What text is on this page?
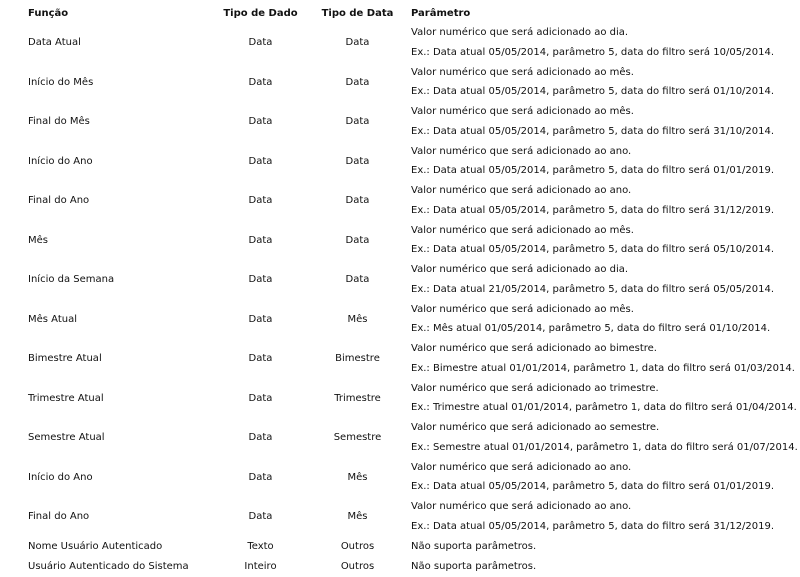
Função	Tipo de Dado	Tipo de Data	Parâmetro
Data Atual	Data	Data	Valor numérico que será adicionado ao dia.
Ex.: Data atual 05/05/2014, parâmetro 5, data do filtro será 10/05/2014.

Início do Mês	Data	Data	Valor numérico que será adicionado ao mês.
Ex.: Data atual 05/05/2014, parâmetro 5, data do filtro será 01/10/2014.

Final do Mês	Data	Data	Valor numérico que será adicionado ao mês.
Ex.: Data atual 05/05/2014, parâmetro 5, data do filtro será 31/10/2014.

Início do Ano	Data	Data	Valor numérico que será adicionado ao ano.
Ex.: Data atual 05/05/2014, parâmetro 5, data do filtro será 01/01/2019.

Final do Ano	Data	Data	Valor numérico que será adicionado ao ano.
Ex.: Data atual 05/05/2014, parâmetro 5, data do filtro será 31/12/2019.

Mês	Data	Data	Valor numérico que será adicionado ao mês.
Ex.: Data atual 05/05/2014, parâmetro 5, data do filtro será 05/10/2014.

Início da Semana	Data	Data	Valor numérico que será adicionado ao dia.
Ex.: Data atual 21/05/2014, parâmetro 5, data do filtro será 05/05/2014.

Mês Atual	Data	Mês	Valor numérico que será adicionado ao mês.
Ex.: Mês atual 01/05/2014, parâmetro 5, data do filtro será 01/10/2014.

Bimestre Atual	Data	Bimestre	Valor numérico que será adicionado ao bimestre.
Ex.: Bimestre atual 01/01/2014, parâmetro 1, data do filtro será 01/03/2014.

Trimestre Atual	Data	Trimestre	Valor numérico que será adicionado ao trimestre.
Ex.: Trimestre atual 01/01/2014, parâmetro 1, data do filtro será 01/04/2014.

Semestre Atual	Data	Semestre	Valor numérico que será adicionado ao semestre.
Ex.: Semestre atual 01/01/2014, parâmetro 1, data do filtro será 01/07/2014.

Início do Ano	Data	Mês	Valor numérico que será adicionado ao ano.
Ex.: Data atual 05/05/2014, parâmetro 5, data do filtro será 01/01/2019.

Final do Ano	Data	Mês	Valor numérico que será adicionado ao ano.
Ex.: Data atual 05/05/2014, parâmetro 5, data do filtro será 31/12/2019.

Nome Usuário Autenticado	Texto	Outros	Não suporta parâmetros.
Usuário Autenticado do Sistema	Inteiro	Outros	Não suporta parâmetros.
